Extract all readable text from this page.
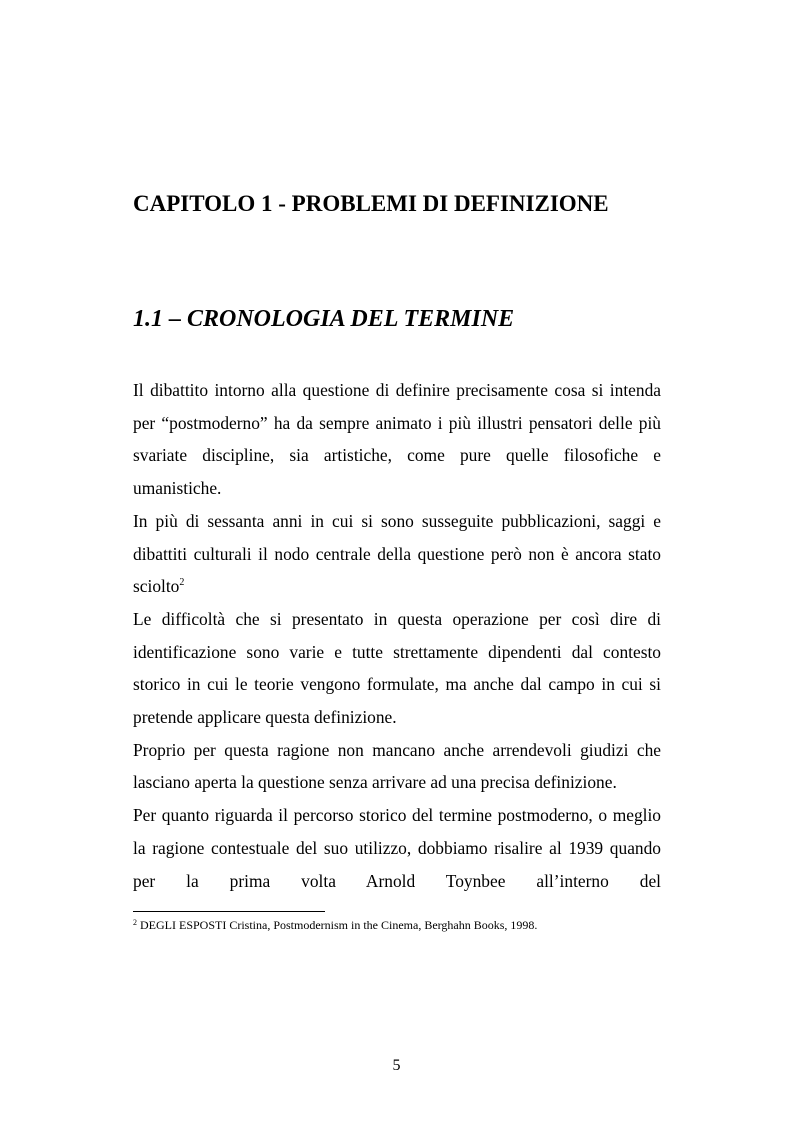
CAPITOLO 1 - PROBLEMI DI DEFINIZIONE
1.1 – CRONOLOGIA DEL TERMINE

Il dibattito intorno alla questione di definire precisamente cosa si intenda per “postmoderno” ha da sempre animato i più illustri pensatori delle più svariate discipline, sia artistiche, come pure quelle filosofiche e umanistiche.

In più di sessanta anni in cui si sono susseguite pubblicazioni, saggi e dibattiti culturali il nodo centrale della questione però non è ancora stato sciolto$^2$

Le difficoltà che si presentato in questa operazione per così dire di identificazione sono varie e tutte strettamente dipendenti dal contesto storico in cui le teorie vengono formulate, ma anche dal campo in cui si pretende applicare questa definizione.

Proprio per questa ragione non mancano anche arrendevoli giudizi che lasciano aperta la questione senza arrivare ad una precisa definizione.

Per quanto riguarda il percorso storico del termine postmoderno, o meglio la ragione contestuale del suo utilizzo, dobbiamo risalire al 1939 quando per la prima volta Arnold Toynbee all’interno del

$^2$ DEGLI ESPOSTI Cristina, Postmodernism in the Cinema, Berghahn Books, 1998.
5
